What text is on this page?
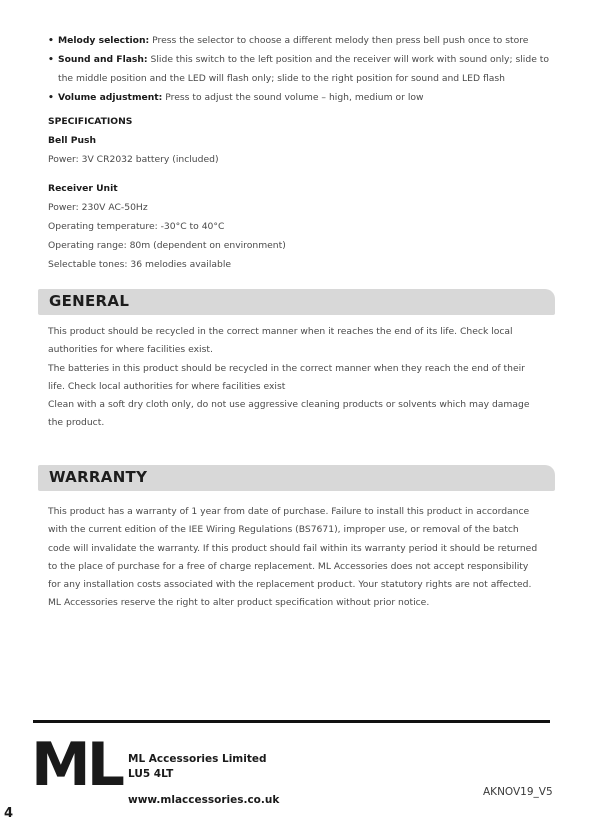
• Melody selection: Press the selector to choose a different melody then press bell push once to store
• Sound and Flash: Slide this switch to the left position and the receiver will work with sound only; slide to the middle position and the LED will flash only; slide to the right position for sound and LED flash
• Volume adjustment: Press to adjust the sound volume – high, medium or low
SPECIFICATIONS
Bell Push
Power: 3V CR2032 battery (included)
Receiver Unit
Power: 230V AC-50Hz
Operating temperature: -30°C to 40°C
Operating range: 80m (dependent on environment)
Selectable tones: 36 melodies available
GENERAL

This product should be recycled in the correct manner when it reaches the end of its life. Check local authorities for where facilities exist.

The batteries in this product should be recycled in the correct manner when they reach the end of their life. Check local authorities for where facilities exist

Clean with a soft dry cloth only, do not use aggressive cleaning products or solvents which may damage the product.

WARRANTY

This product has a warranty of 1 year from date of purchase. Failure to install this product in accordance with the current edition of the IEE Wiring Regulations (BS7671), improper use, or removal of the batch code will invalidate the warranty. If this product should fail within its warranty period it should be returned to the place of purchase for a free of charge replacement. ML Accessories does not accept responsibility for any installation costs associated with the replacement product. Your statutory rights are not affected. ML Accessories reserve the right to alter product specification without prior notice.

ML ML Accessories Limited
LU5 4LT
www.mlaccessories.co.uk
AKNOV19_V5
4
